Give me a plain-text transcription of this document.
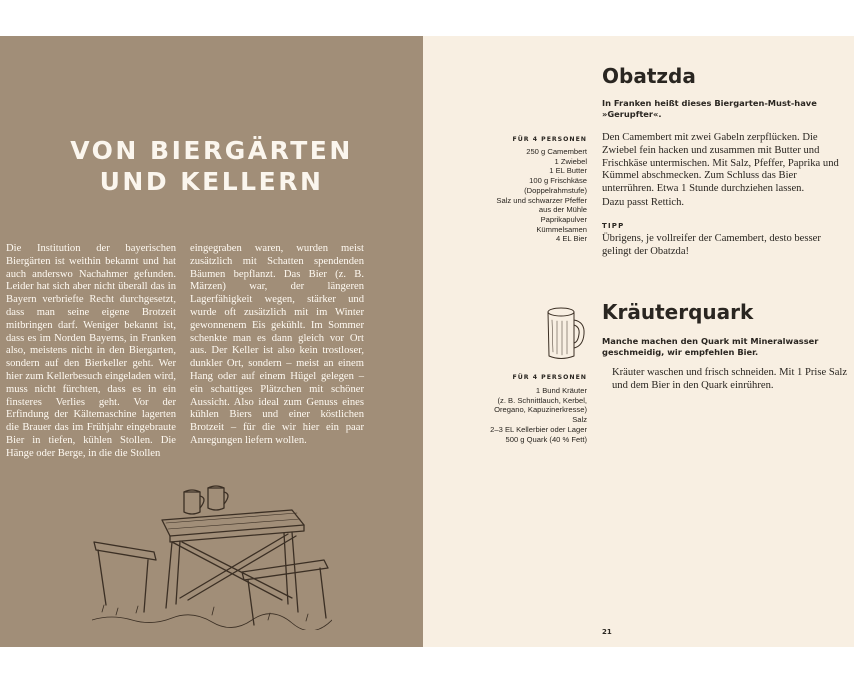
VON BIERGÄRTEN
UND KELLERN

Die Institution der bayerischen Biergärten ist weithin bekannt und hat auch anderswo Nachahmer gefunden. Leider hat sich aber nicht überall das in Bayern verbriefte Recht durchgesetzt, dass man seine eigene Brotzeit mitbringen darf. Weniger bekannt ist, dass es im Norden Bayerns, in Franken also, meistens nicht in den Biergarten, sondern auf den Bierkeller geht. Wer hier zum Kellerbesuch eingeladen wird, muss nicht fürchten, dass es in ein finsteres Verlies geht. Vor der Erfindung der Kältemaschine lagerten die Brauer das im Frühjahr eingebraute Bier in tiefen, kühlen Stollen. Die Hänge oder Berge, in die die Stollen

eingegraben waren, wurden meist zusätzlich mit Schatten spendenden Bäumen bepflanzt. Das Bier (z. B. Märzen) war, der längeren Lagerfähigkeit wegen, stärker und wurde oft zusätzlich mit im Winter gewonnenem Eis gekühlt. Im Sommer schenkte man es dann gleich vor Ort aus. Der Keller ist also kein trostloser, dunkler Ort, sondern – meist an einem Hang oder auf einem Hügel gelegen – ein schattiges Plätzchen mit schöner Aussicht. Also ideal zum Genuss eines kühlen Biers und einer köstlichen Brotzeit – für die wir hier ein paar Anregungen liefern wollen.

Obatzda

In Franken heißt dieses Biergarten-Must-have
»Gerupfter«.

FÜR 4 PERSONEN

250 g Camembert
1 Zwiebel
1 EL Butter
100 g Frischkäse
(Doppelrahmstufe)
Salz und schwarzer Pfeffer
aus der Mühle
Paprikapulver
Kümmelsamen
4 EL Bier

Den Camembert mit zwei Gabeln zerpflücken. Die Zwiebel fein hacken und zusammen mit Butter und Frischkäse untermischen. Mit Salz, Pfeffer, Paprika und Kümmel abschmecken. Zum Schluss das Bier unterrühren. Etwa 1 Stunde durchziehen lassen.

Dazu passt Rettich.

TIPP

Übrigens, je vollreifer der Camembert, desto besser gelingt der Obatzda!

Kräuterquark

Manche machen den Quark mit Mineralwasser
geschmeidig, wir empfehlen Bier.

FÜR 4 PERSONEN

1 Bund Kräuter
(z. B. Schnittlauch, Kerbel,
Oregano, Kapuzinerkresse)
Salz
2–3 EL Kellerbier oder Lager
500 g Quark (40 % Fett)

Kräuter waschen und frisch schneiden. Mit 1 Prise Salz und dem Bier in den Quark einrühren.

21
